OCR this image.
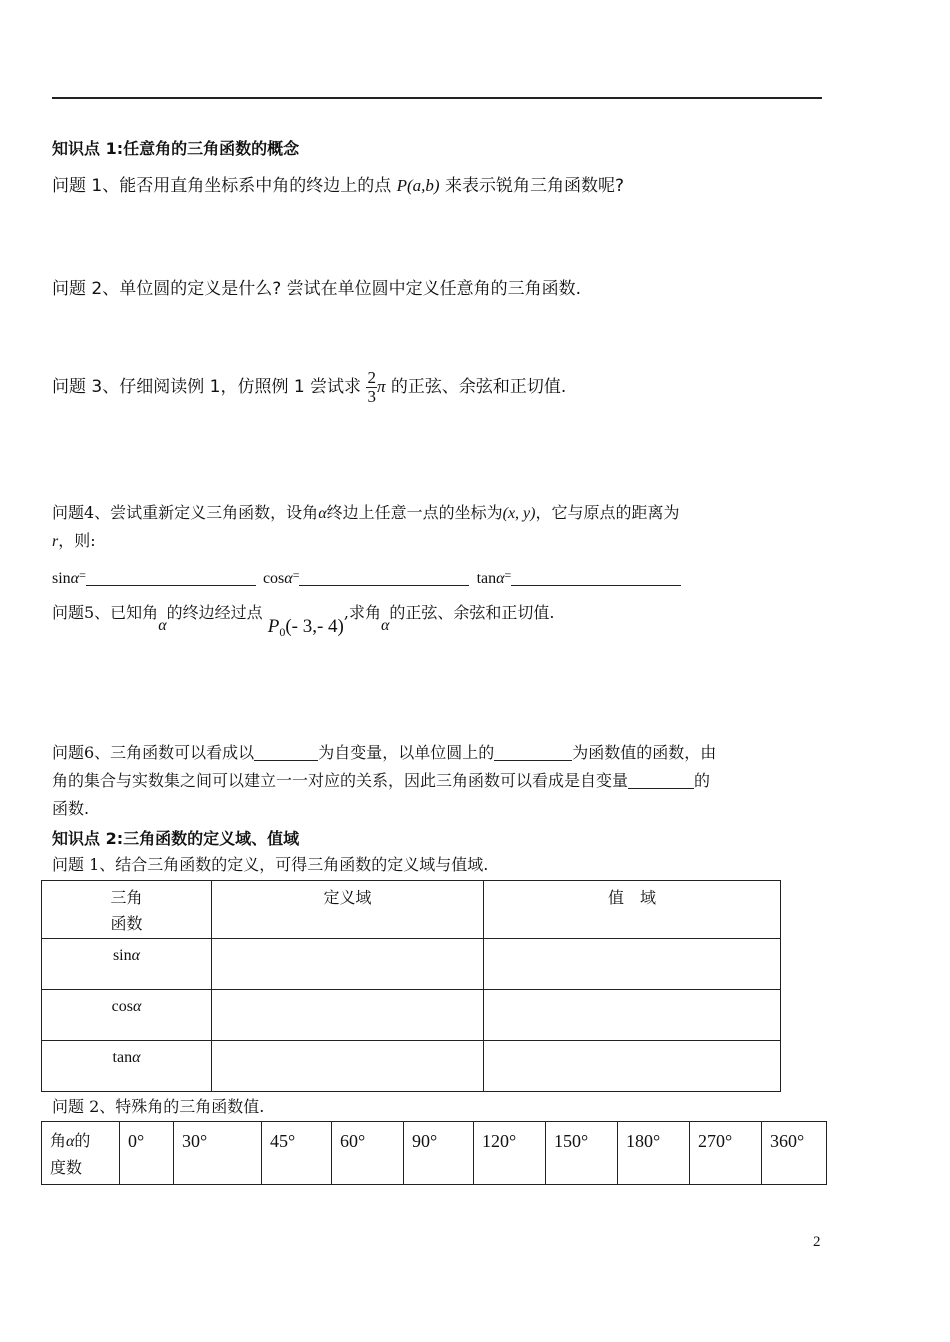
知识点 1:任意角的三角函数的概念
问题 1、能否用直角坐标系中角的终边上的点 P(a,b) 来表示锐角三角函数呢?
问题 2、单位圆的定义是什么? 尝试在单位圆中定义任意角的三角函数.
问题 3、仔细阅读例 1，仿照例 1 尝试求 $\frac{2}{3}$ π 的正弦、余弦和正切值.
问题4、尝试重新定义三角函数，设角α终边上任意一点的坐标为(x, y)，它与原点的距离为
r，则:
sinα=	cosα=	tanα=
问题5、已知角α的终边经过点 $P_0(-$ 3,- 4),求角α的正弦、余弦和正切值.
问题6、三角函数可以看成以	为自变量，以单位圆上的	为函数值的函数，由
角的集合与实数集之间可以建立一一对应的关系，因此三角函数可以看成是自变量	的
函数.
知识点 2:三角函数的定义域、值域
问题 1、结合三角函数的定义，可得三角函数的定义域与值域.
三角
函数	定义域	值　域
sinα		
cosα		
tanα		
问题 2、特殊角的三角函数值.
角α的
度数
	0°	30°	45°	60°	90°	120°	150°	180°	270°	360°
2
